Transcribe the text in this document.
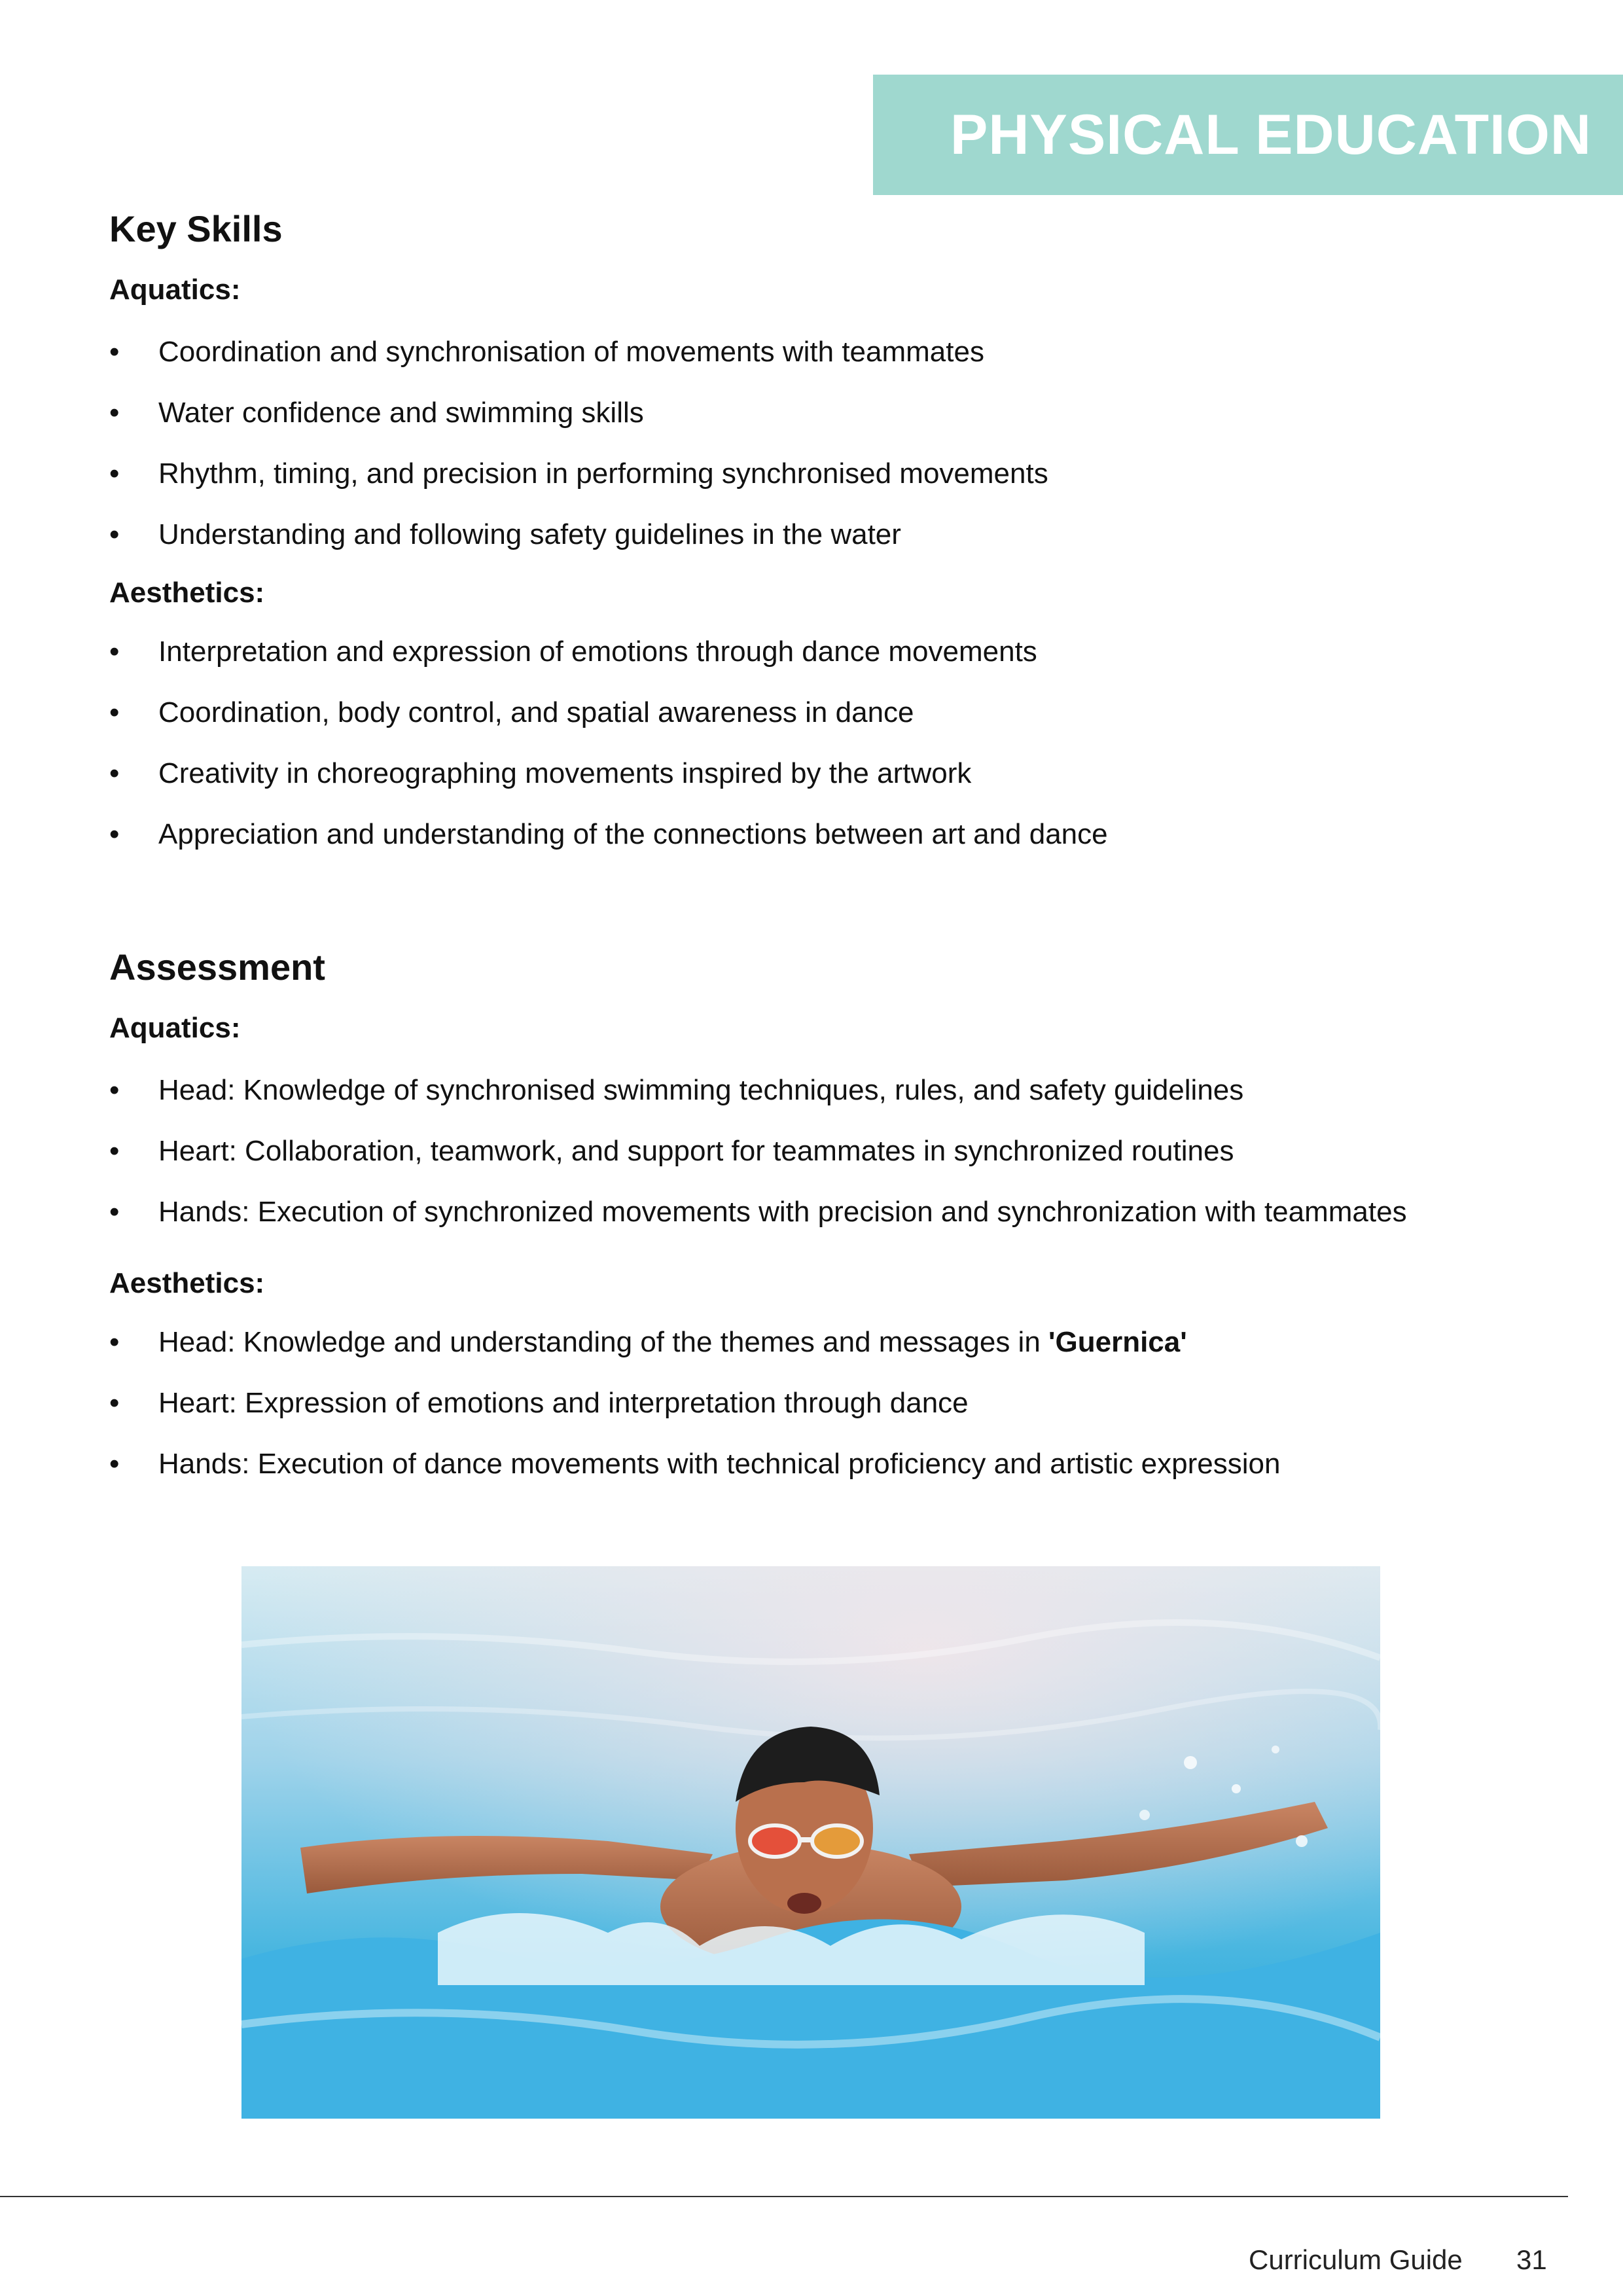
PHYSICAL EDUCATION
Key Skills
Aquatics:
• Coordination and synchronisation of movements with teammates
• Water confidence and swimming skills
• Rhythm, timing, and precision in performing synchronised movements
• Understanding and following safety guidelines in the water
Aesthetics:
• Interpretation and expression of emotions through dance movements
• Coordination, body control, and spatial awareness in dance
• Creativity in choreographing movements inspired by the artwork
• Appreciation and understanding of the connections between art and dance
Assessment
Aquatics:
• Head: Knowledge of synchronised swimming techniques, rules, and safety guidelines
• Heart: Collaboration, teamwork, and support for teammates in synchronized routines
• Hands: Execution of synchronized movements with precision and synchronization with teammates
Aesthetics:
• Head: Knowledge and understanding of the themes and messages in 'Guernica'
• Heart: Expression of emotions and interpretation through dance
• Hands: Execution of dance movements with technical proficiency and artistic expression
Curriculum Guide 31
